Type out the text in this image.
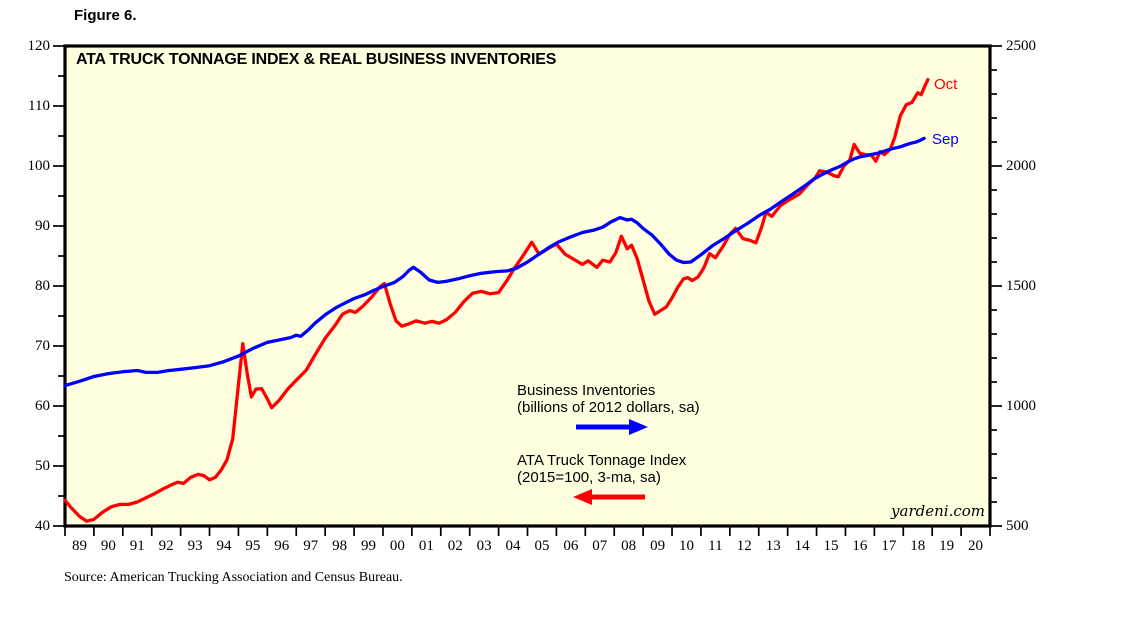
Figure 6.
ATA TRUCK TONNAGE INDEX & REAL BUSINESS INVENTORIES
120
110
100
90
80
70
60
50
40
2500
2000
1500
1000
500
89 90 91 92 93 94 95 96 97 98 99 00 01 02 03 04 05 06 07 08 09 10 11 12 13 14 15 16 17 18 19 20
Business Inventories
(billions of 2012 dollars, sa)
ATA Truck Tonnage Index
(2015=100, 3-ma, sa)
Oct
Sep
yardeni.com
Source: American Trucking Association and Census Bureau.
